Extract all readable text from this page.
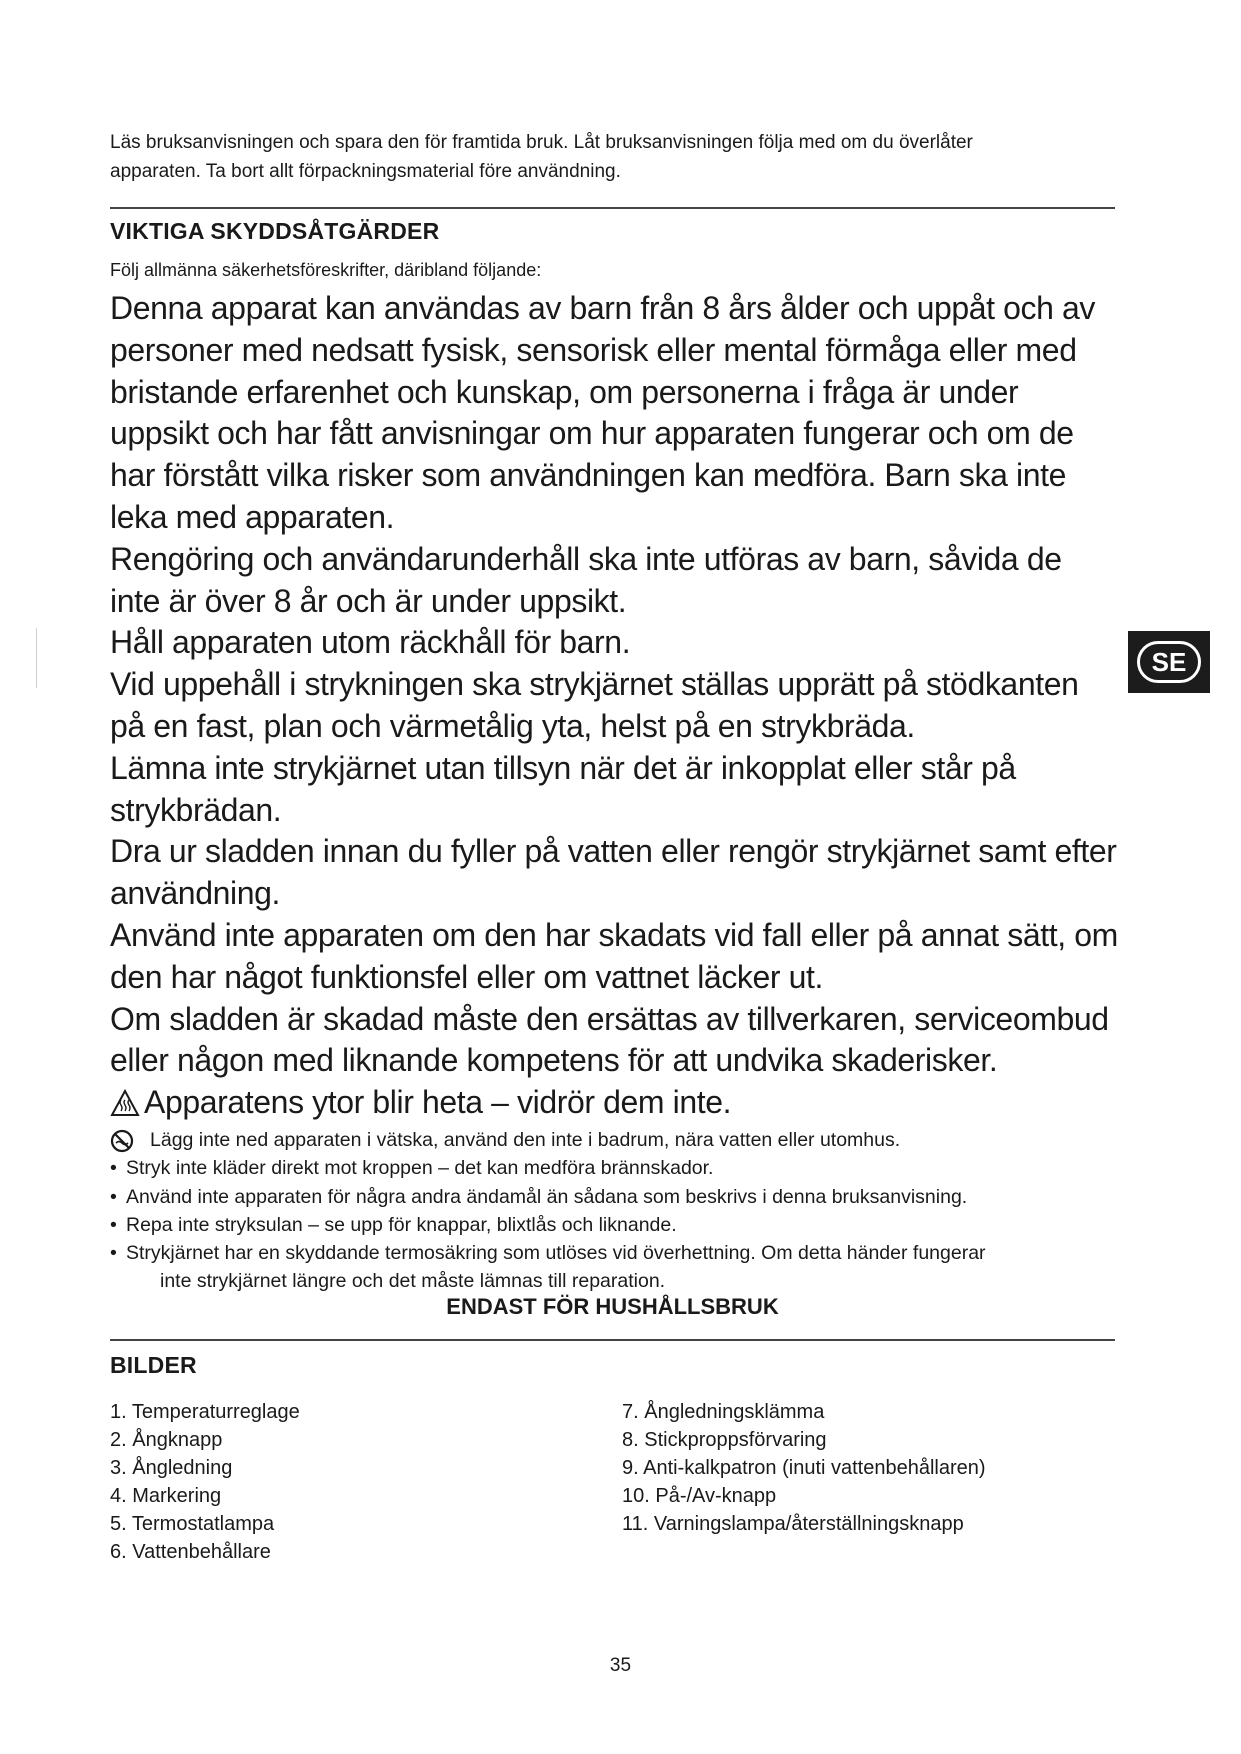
Läs bruksanvisningen och spara den för framtida bruk. Låt bruksanvisningen följa med om du överlåter
apparaten. Ta bort allt förpackningsmaterial före användning.
VIKTIGA SKYDDSÅTGÄRDER
Följ allmänna säkerhetsföreskrifter, däribland följande:

Denna apparat kan användas av barn från 8 års ålder och uppåt och av personer med nedsatt fysisk, sensorisk eller mental förmåga eller med bristande erfarenhet och kunskap, om personerna i fråga är under uppsikt och har fått anvisningar om hur apparaten fungerar och om de har förstått vilka risker som användningen kan medföra. Barn ska inte leka med apparaten.

Rengöring och användarunderhåll ska inte utföras av barn, såvida de inte är över 8 år och är under uppsikt.

Håll apparaten utom räckhåll för barn.

Vid uppehåll i strykningen ska strykjärnet ställas upprätt på stödkanten på en fast, plan och värmetålig yta, helst på en strykbräda.

Lämna inte strykjärnet utan tillsyn när det är inkopplat eller står på strykbrädan.

Dra ur sladden innan du fyller på vatten eller rengör strykjärnet samt efter användning.

Använd inte apparaten om den har skadats vid fall eller på annat sätt, om den har något funktionsfel eller om vattnet läcker ut.

Om sladden är skadad måste den ersättas av tillverkaren, serviceombud eller någon med liknande kompetens för att undvika skaderisker.

Apparatens ytor blir heta – vidrör dem inte.
Lägg inte ned apparaten i vätska, använd den inte i badrum, nära vatten eller utomhus.
• Stryk inte kläder direkt mot kroppen – det kan medföra brännskador.
• Använd inte apparaten för några andra ändamål än sådana som beskrivs i denna bruksanvisning.
• Repa inte stryksulan – se upp för knappar, blixtlås och liknande.
• Strykjärnet har en skyddande termosäkring som utlöses vid överhettning. Om detta händer fungerar
inte strykjärnet längre och det måste lämnas till reparation.
ENDAST FÖR HUSHÅLLSBRUK
BILDER
1. Temperaturreglage
2. Ångknapp
3. Ångledning
4. Markering
5. Termostatlampa
6. Vattenbehållare
7. Ångledningsklämma
8. Stickproppsförvaring
9. Anti-kalkpatron (inuti vattenbehållaren)
10. På-/Av-knapp
11. Varningslampa/återställningsknapp
SE
35
